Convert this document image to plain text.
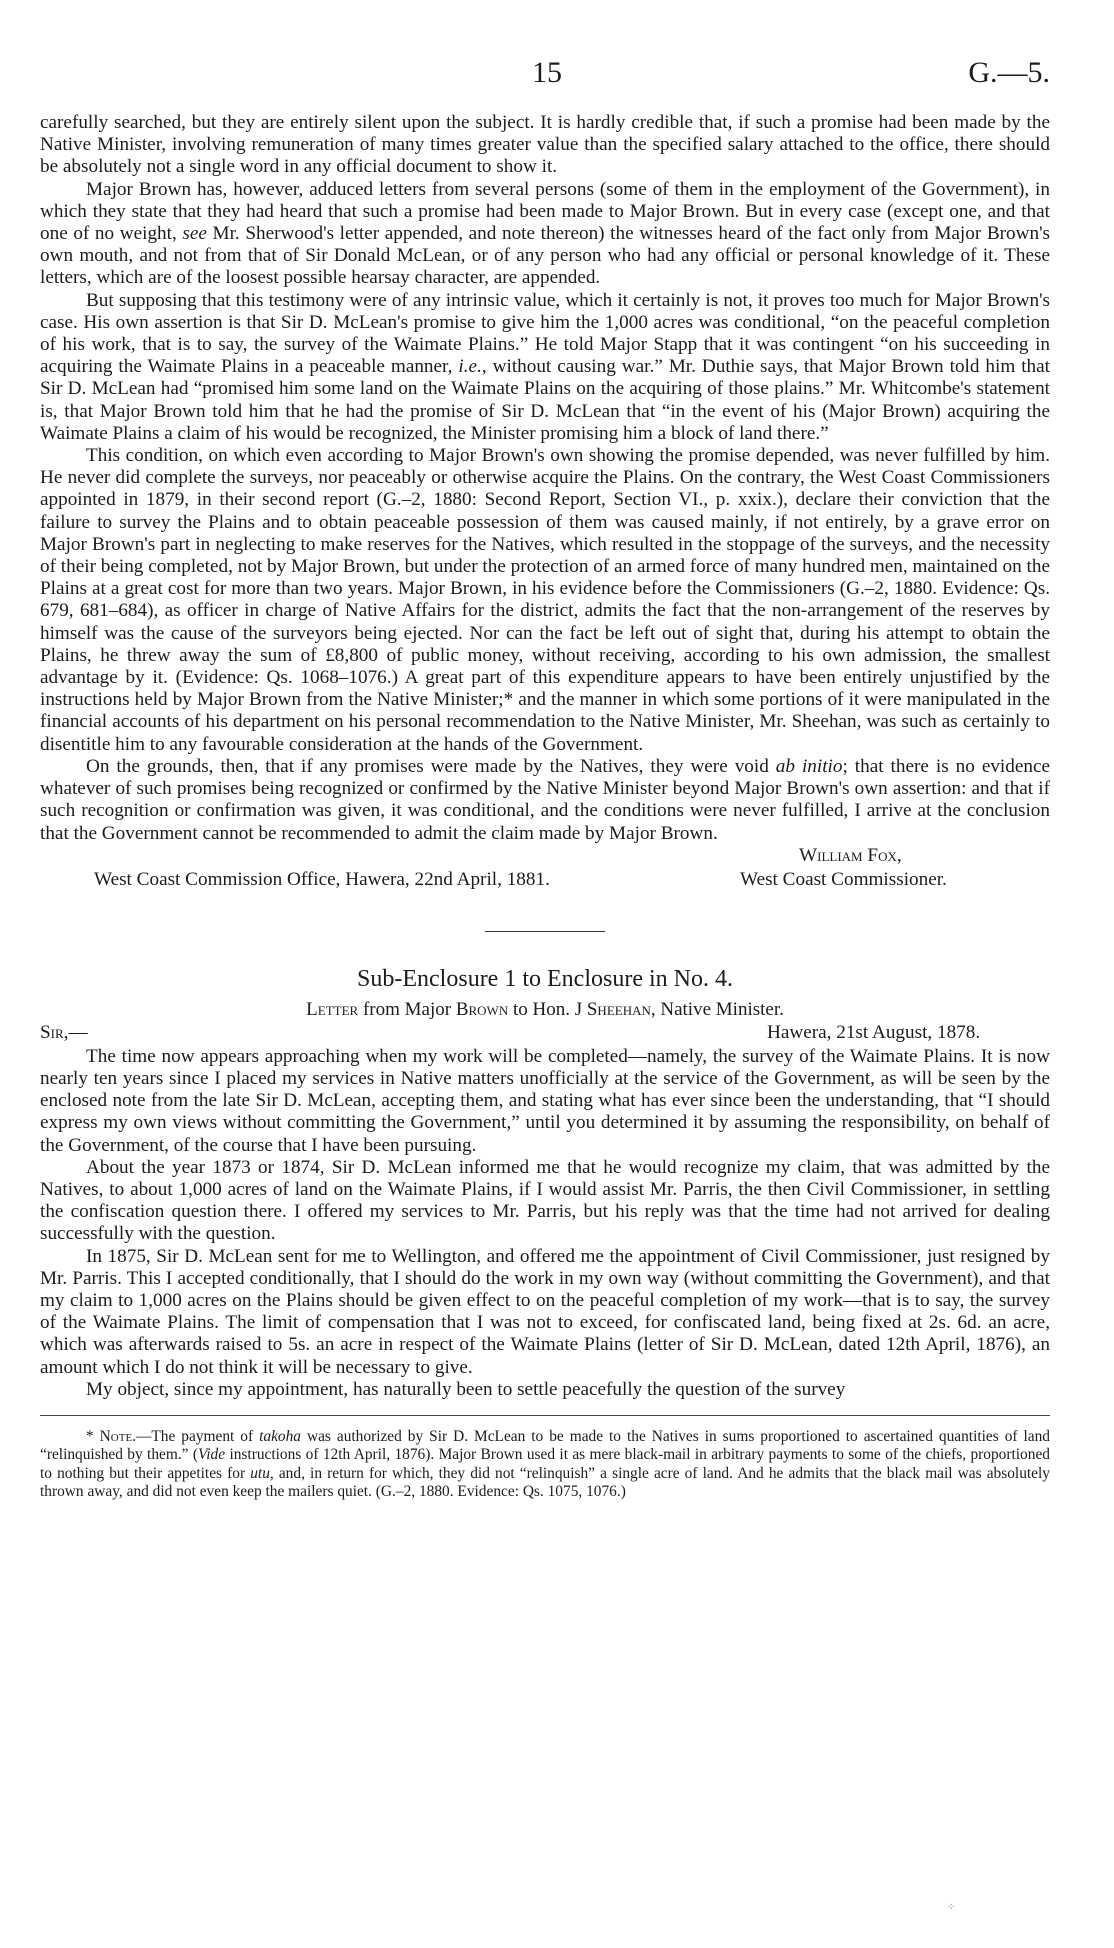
15	G.—5.

carefully searched, but they are entirely silent upon the subject. It is hardly credible that, if such a promise had been made by the Native Minister, involving remuneration of many times greater value than the specified salary attached to the office, there should be absolutely not a single word in any official document to show it.

Major Brown has, however, adduced letters from several persons (some of them in the employment of the Government), in which they state that they had heard that such a promise had been made to Major Brown. But in every case (except one, and that one of no weight, see Mr. Sherwood's letter appended, and note thereon) the witnesses heard of the fact only from Major Brown's own mouth, and not from that of Sir Donald McLean, or of any person who had any official or personal knowledge of it. These letters, which are of the loosest possible hearsay character, are appended.

But supposing that this testimony were of any intrinsic value, which it certainly is not, it proves too much for Major Brown's case. His own assertion is that Sir D. McLean's promise to give him the 1,000 acres was conditional, “on the peaceful completion of his work, that is to say, the survey of the Waimate Plains.” He told Major Stapp that it was contingent “on his succeeding in acquiring the Waimate Plains in a peaceable manner, i.e., without causing war.” Mr. Duthie says, that Major Brown told him that Sir D. McLean had “promised him some land on the Waimate Plains on the acquiring of those plains.” Mr. Whitcombe's statement is, that Major Brown told him that he had the promise of Sir D. McLean that “in the event of his (Major Brown) acquiring the Waimate Plains a claim of his would be recognized, the Minister promising him a block of land there.”

This condition, on which even according to Major Brown's own showing the promise depended, was never fulfilled by him. He never did complete the surveys, nor peaceably or otherwise acquire the Plains. On the contrary, the West Coast Commissioners appointed in 1879, in their second report (G.–2, 1880: Second Report, Section VI., p. xxix.), declare their conviction that the failure to survey the Plains and to obtain peaceable possession of them was caused mainly, if not entirely, by a grave error on Major Brown's part in neglecting to make reserves for the Natives, which resulted in the stoppage of the surveys, and the necessity of their being completed, not by Major Brown, but under the protection of an armed force of many hundred men, maintained on the Plains at a great cost for more than two years. Major Brown, in his evidence before the Commissioners (G.–2, 1880. Evidence: Qs. 679, 681–684), as officer in charge of Native Affairs for the district, admits the fact that the non-arrangement of the reserves by himself was the cause of the surveyors being ejected. Nor can the fact be left out of sight that, during his attempt to obtain the Plains, he threw away the sum of £8,800 of public money, without receiving, according to his own admission, the smallest advantage by it. (Evidence: Qs. 1068–1076.) A great part of this expenditure appears to have been entirely unjustified by the instructions held by Major Brown from the Native Minister;* and the manner in which some portions of it were manipulated in the financial accounts of his department on his personal recommendation to the Native Minister, Mr. Sheehan, was such as certainly to disentitle him to any favourable consideration at the hands of the Government.

On the grounds, then, that if any promises were made by the Natives, they were void ab initio; that there is no evidence whatever of such promises being recognized or confirmed by the Native Minister beyond Major Brown's own assertion: and that if such recognition or confirmation was given, it was conditional, and the conditions were never fulfilled, I arrive at the conclusion that the Government cannot be recommended to admit the claim made by Major Brown.

William Fox,
West Coast Commission Office, Hawera, 22nd April, 1881.	West Coast Commissioner.
Sub-Enclosure 1 to Enclosure in No. 4.
Letter from Major Brown to Hon. J Sheehan, Native Minister.
Sir,—	Hawera, 21st August, 1878.

The time now appears approaching when my work will be completed—namely, the survey of the Waimate Plains. It is now nearly ten years since I placed my services in Native matters unofficially at the service of the Government, as will be seen by the enclosed note from the late Sir D. McLean, accepting them, and stating what has ever since been the understanding, that “I should express my own views without committing the Government,” until you determined it by assuming the responsibility, on behalf of the Government, of the course that I have been pursuing.

About the year 1873 or 1874, Sir D. McLean informed me that he would recognize my claim, that was admitted by the Natives, to about 1,000 acres of land on the Waimate Plains, if I would assist Mr. Parris, the then Civil Commissioner, in settling the confiscation question there. I offered my services to Mr. Parris, but his reply was that the time had not arrived for dealing successfully with the question.

In 1875, Sir D. McLean sent for me to Wellington, and offered me the appointment of Civil Commissioner, just resigned by Mr. Parris. This I accepted conditionally, that I should do the work in my own way (without committing the Government), and that my claim to 1,000 acres on the Plains should be given effect to on the peaceful completion of my work—that is to say, the survey of the Waimate Plains. The limit of compensation that I was not to exceed, for confiscated land, being fixed at 2s. 6d. an acre, which was afterwards raised to 5s. an acre in respect of the Waimate Plains (letter of Sir D. McLean, dated 12th April, 1876), an amount which I do not think it will be necessary to give.

My object, since my appointment, has naturally been to settle peacefully the question of the survey

* Note.—The payment of takoha was authorized by Sir D. McLean to be made to the Natives in sums proportioned to ascertained quantities of land “relinquished by them.” (Vide instructions of 12th April, 1876). Major Brown used it as mere black-mail in arbitrary payments to some of the chiefs, proportioned to nothing but their appetites for utu, and, in return for which, they did not “relinquish” a single acre of land. And he admits that the black mail was absolutely thrown away, and did not even keep the mailers quiet. (G.–2, 1880. Evidence: Qs. 1075, 1076.)

⁘
